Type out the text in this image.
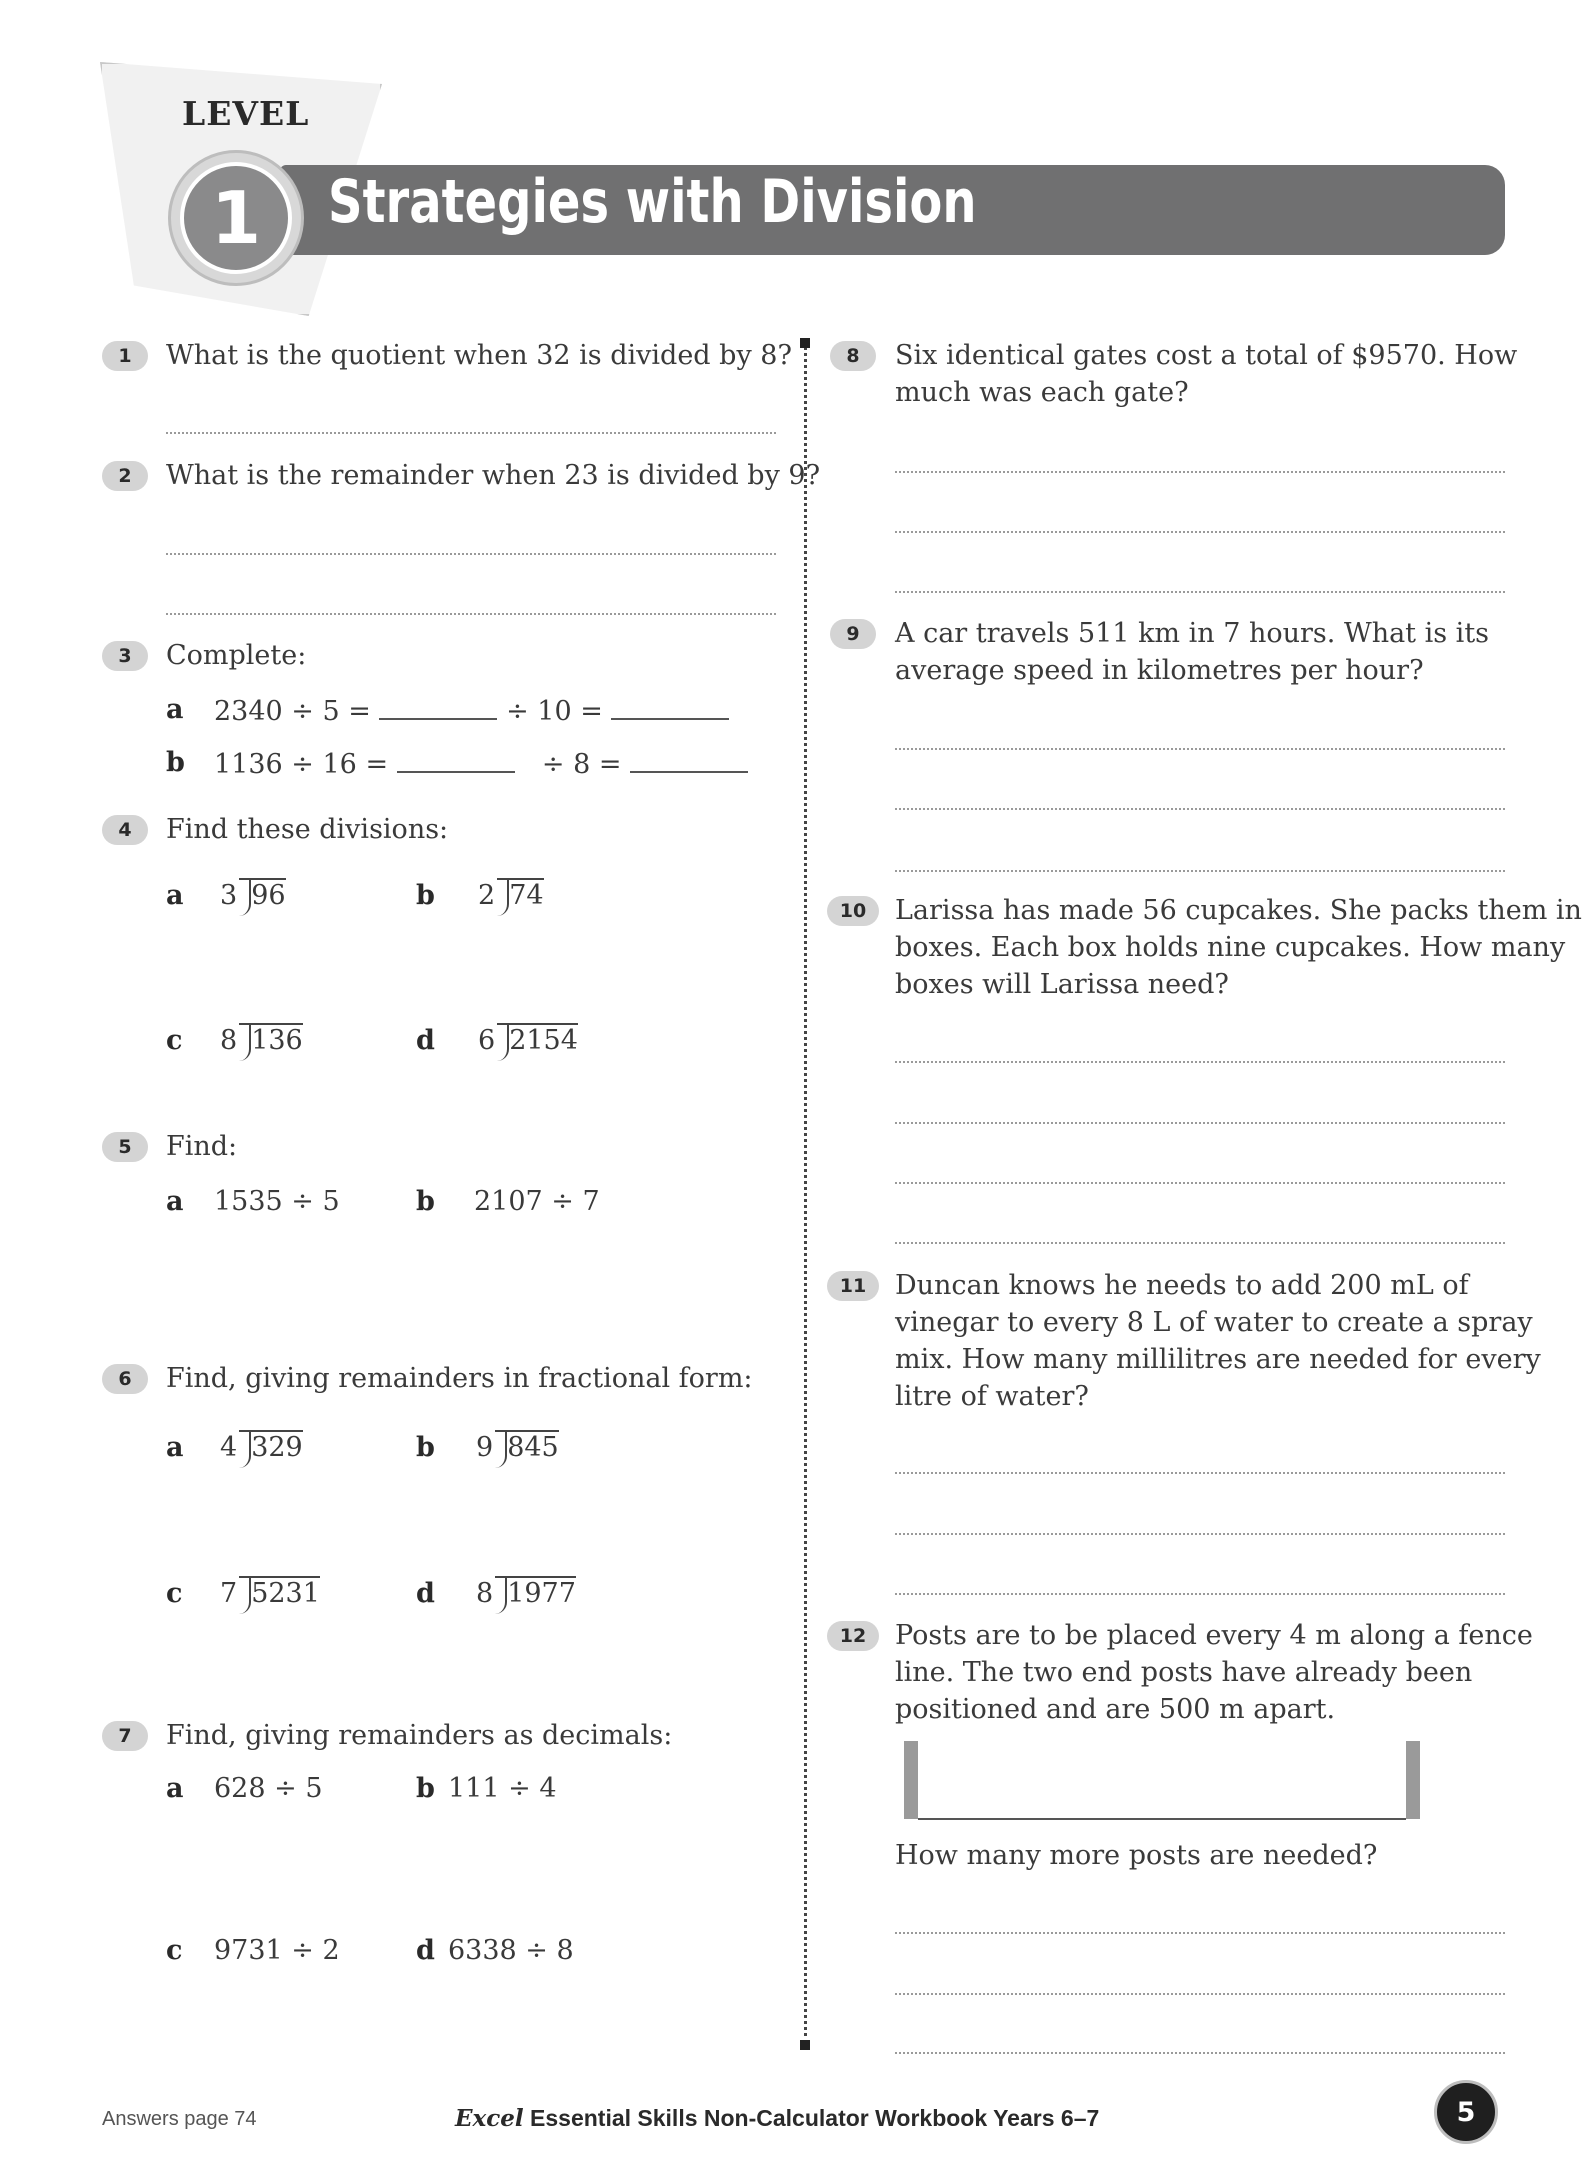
LEVEL
Strategies with Division
1
1	What is the quotient when 32 is divided by 8?
2	What is the remainder when 23 is divided by 9?
3	Complete:
a 2340 ÷ 5 =	÷ 10 =
b 1136 ÷ 16 =	÷ 8 =
4	Find these divisions:
a 3 96	b 2 74
c 8 136	d 6 2154
5	Find:
a 1535 ÷ 5	b 2107 ÷ 7
6	Find, giving remainders in fractional form:
a 4 329	b 9 845
c 7 5231	d 8 1977
7	Find, giving remainders as decimals:
a 628 ÷ 5	b 111 ÷ 4
c 9731 ÷ 2	d 6338 ÷ 8
8	Six identical gates cost a total of $9570. How
much was each gate?
9	A car travels 511 km in 7 hours. What is its
average speed in kilometres per hour?
10	Larissa has made 56 cupcakes. She packs them in
boxes. Each box holds nine cupcakes. How many
boxes will Larissa need?
11	Duncan knows he needs to add 200 mL of
vinegar to every 8 L of water to create a spray
mix. How many millilitres are needed for every
litre of water?
12	Posts are to be placed every 4 m along a fence
line. The two end posts have already been
positioned and are 500 m apart.
How many more posts are needed?
Answers page 74	Excel Essential Skills Non-Calculator Workbook Years 6–7	5
